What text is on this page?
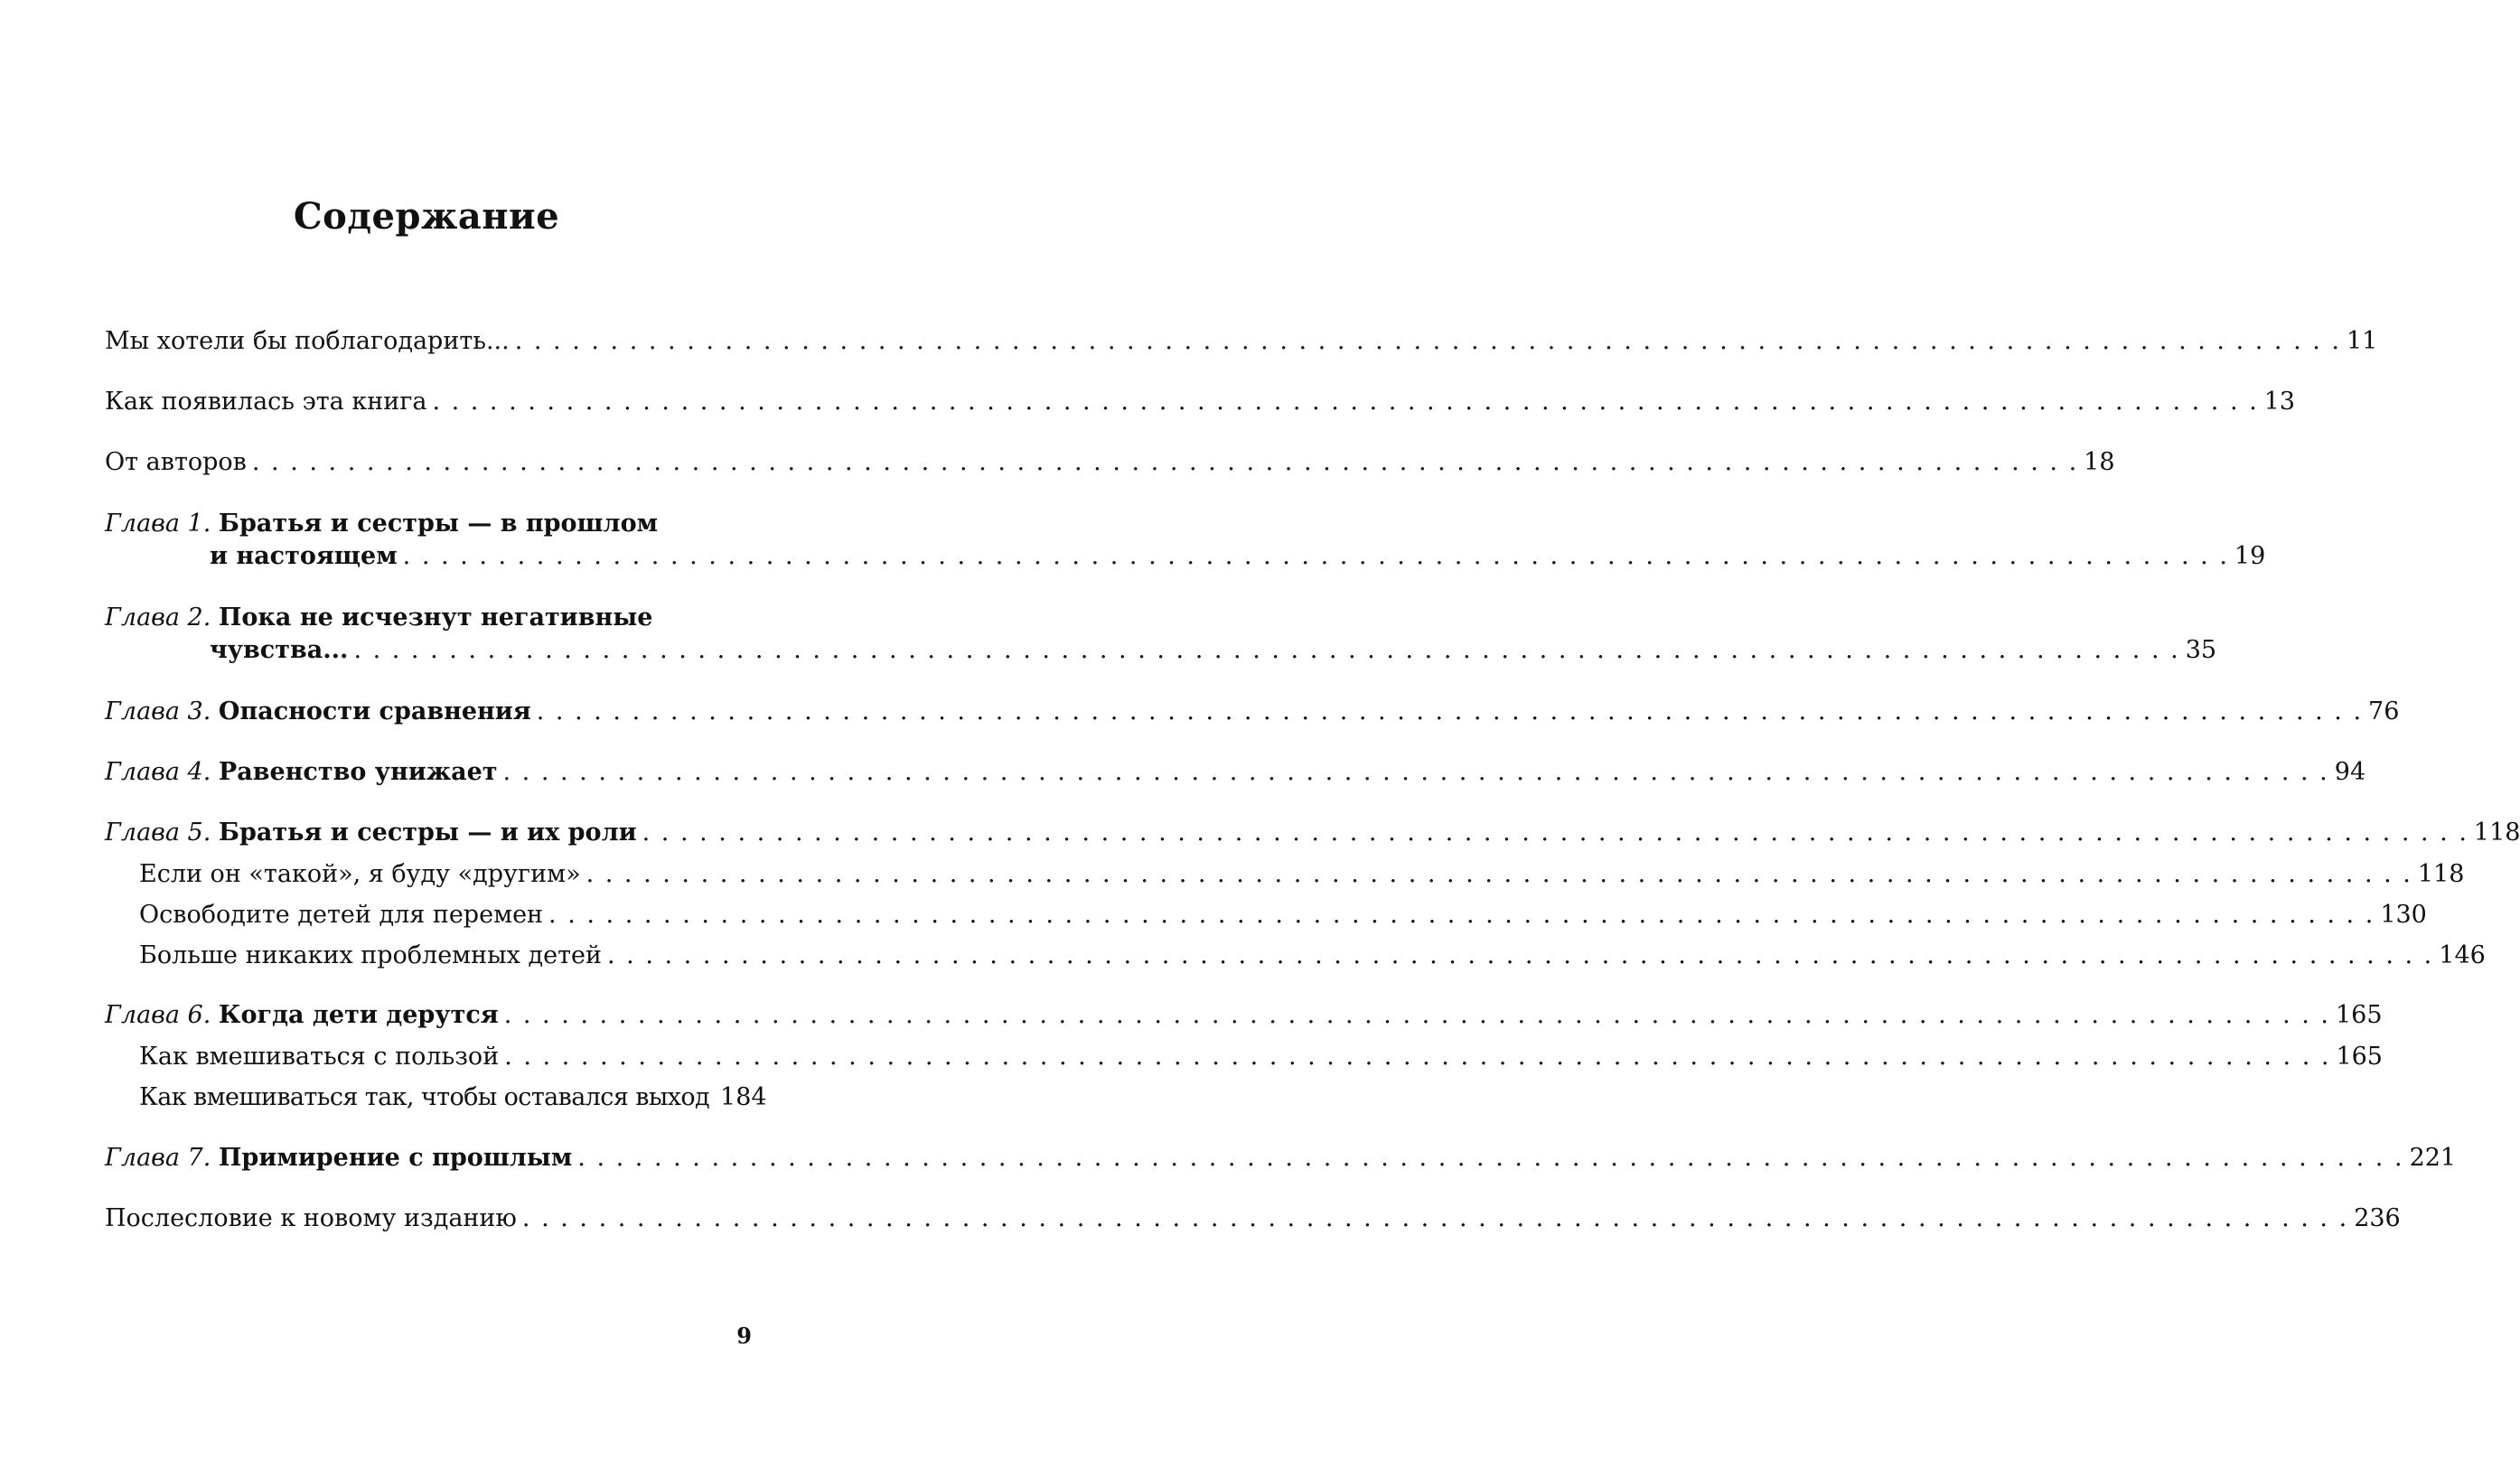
Содержание
Мы хотели бы поблагодарить... . . .	11
Как появилась эта книга . . .	13
От авторов . . .	18
Глава 1. Братья и сестры — в прошлом
и настоящем . . .	19
Глава 2. Пока не исчезнут негативные
чувства... . . .	35
Глава 3. Опасности сравнения . . .	76
Глава 4. Равенство унижает . . .	94
Глава 5. Братья и сестры — и их роли . . .	118
Если он «такой», я буду «другим» . . .	118
Освободите детей для перемен . . .	130
Больше никаких проблемных детей . . .	146
Глава 6. Когда дети дерутся . . .	165
Как вмешиваться с пользой . . .	165
Как вмешиваться так, чтобы оставался выход 184
Глава 7. Примирение с прошлым . . .	221
Послесловие к новому изданию . . .	236
9
